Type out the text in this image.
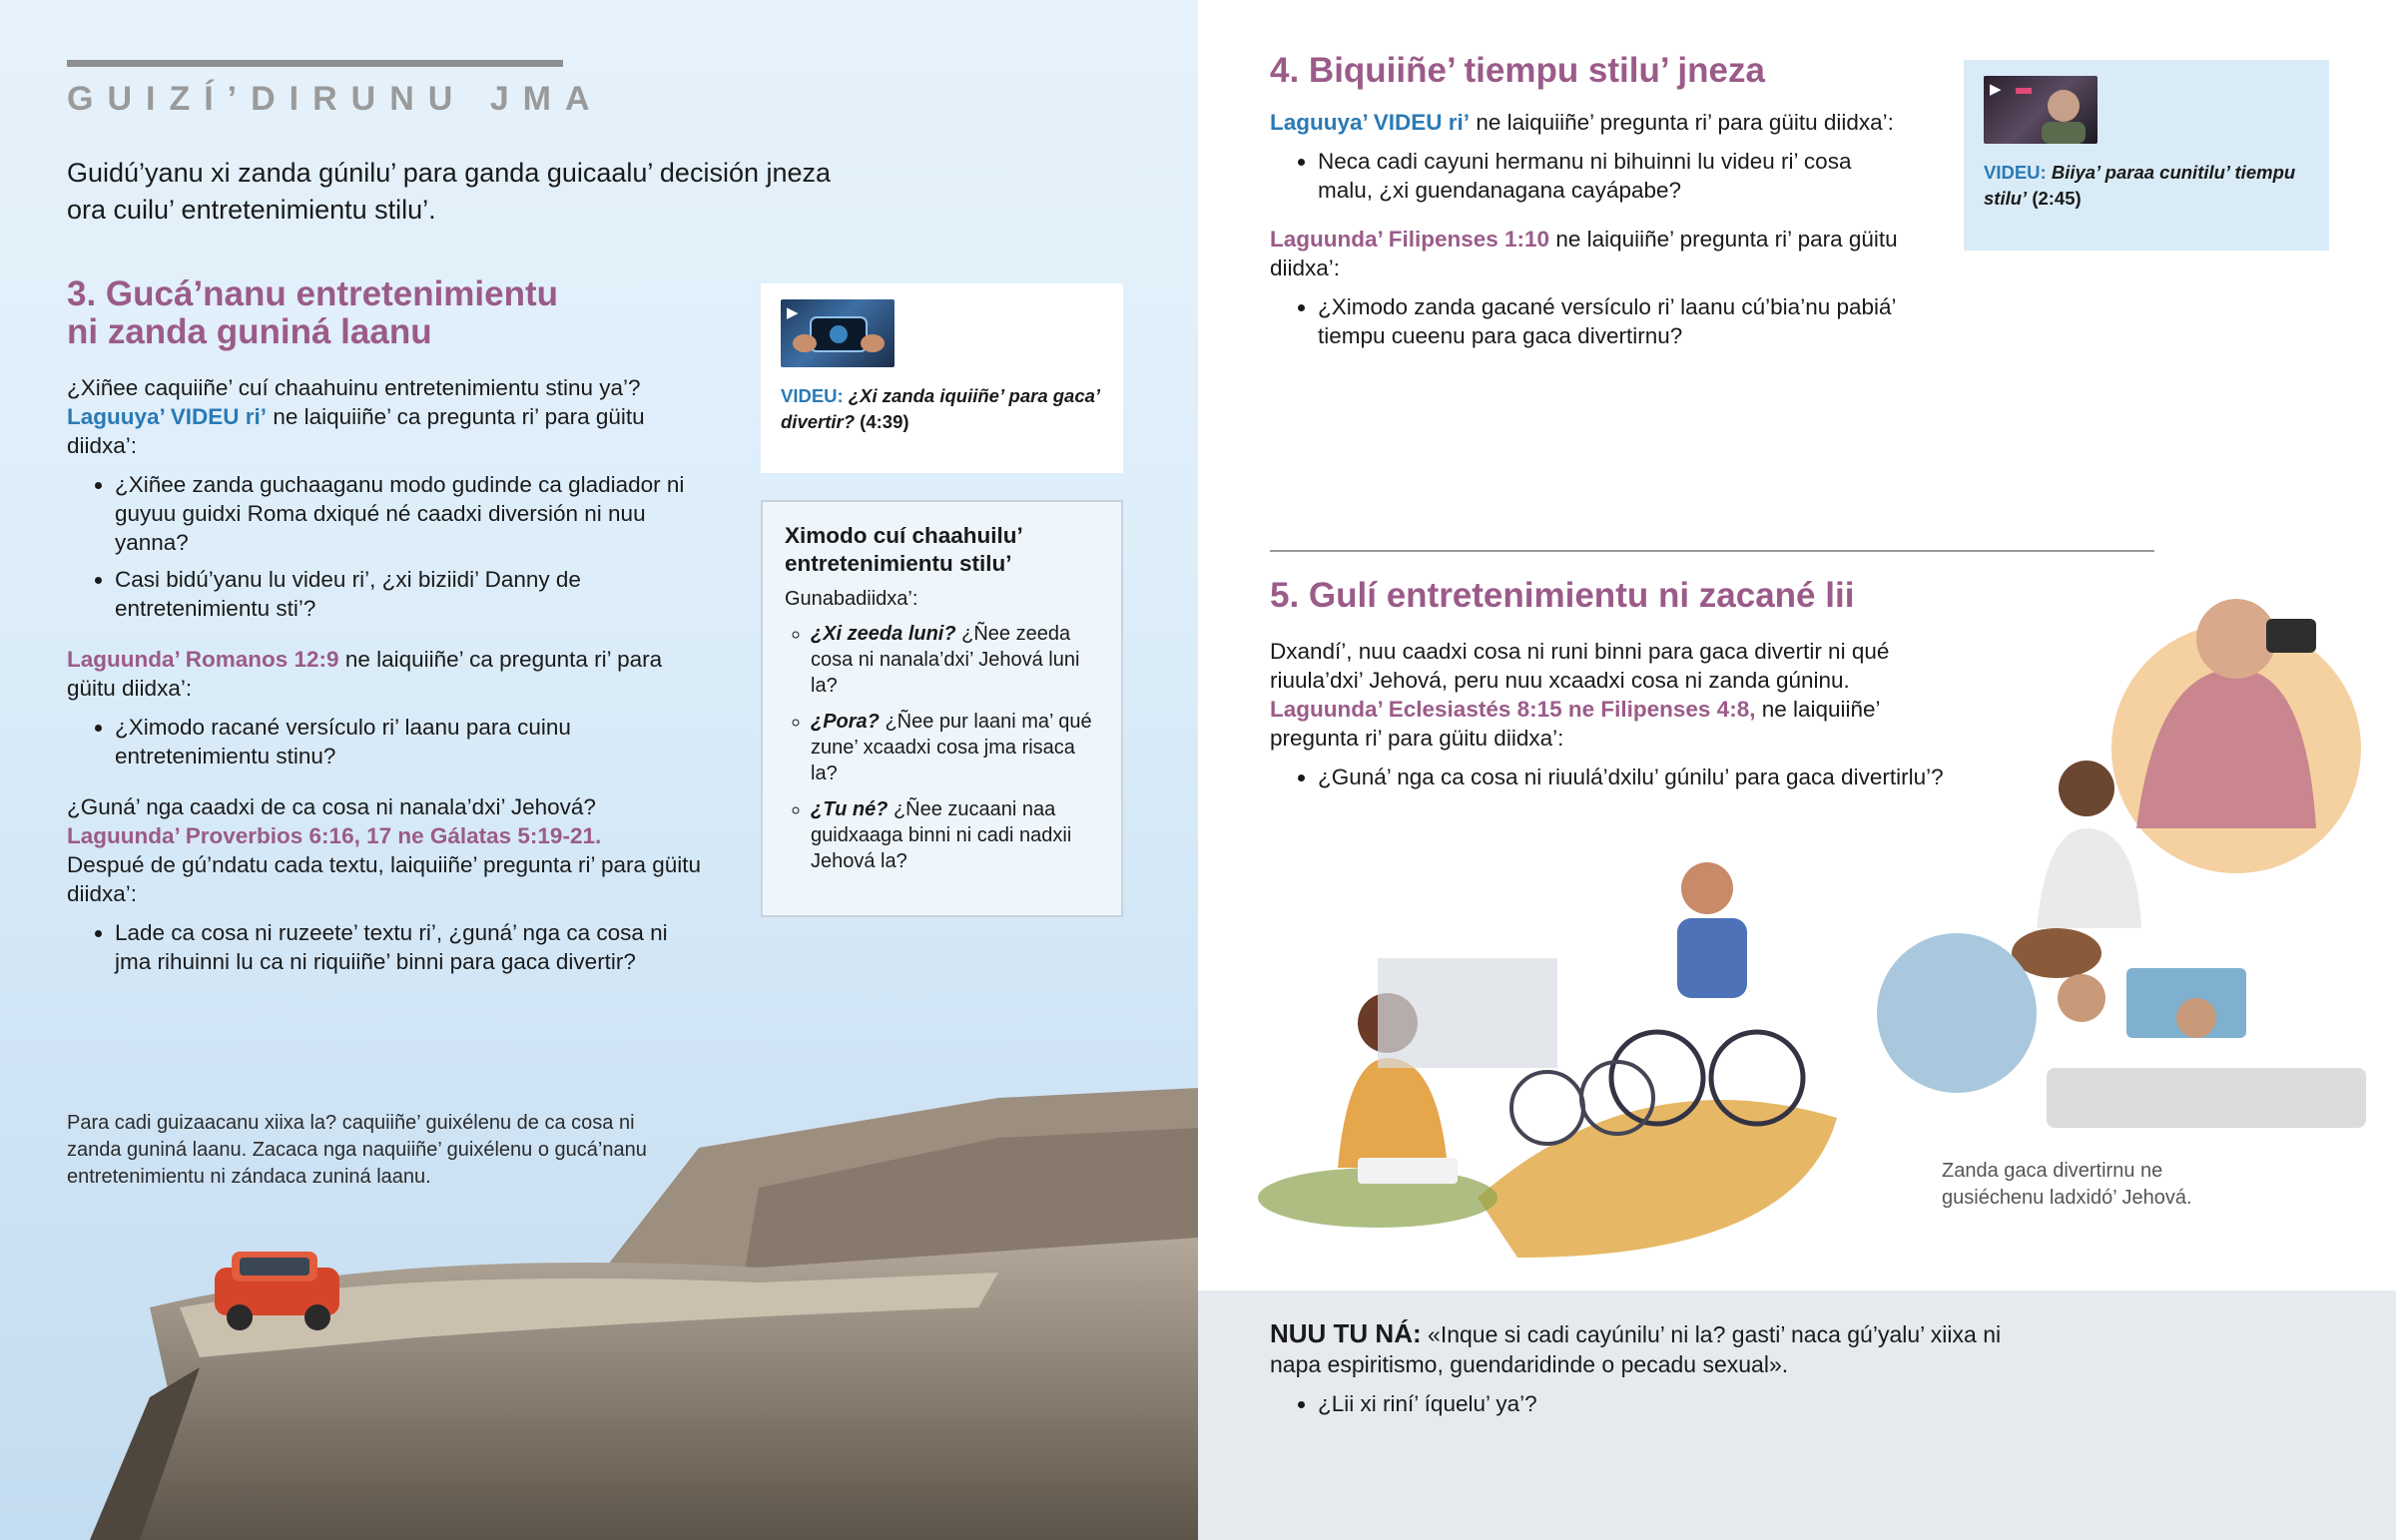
GUIZÍ’DIRUNU JMA
Guidú’yanu xi zanda gúnilu’ para ganda guicaalu’ decisión jneza ora cuilu’ entretenimientu stilu’.
3. Gucá’nanu entretenimientu
ni zanda guniná laanu
¿Xiñee caquiiñe’ cuí chaahuinu entretenimientu stinu ya’?
Laguuya’ VIDEU ri’ ne laiquiiñe’ ca pregunta ri’ para güitu diidxa’:
• ¿Xiñee zanda guchaaganu modo gudinde ca gladiador ni guyuu guidxi Roma dxiqué né caadxi diversión ni nuu yanna?
• Casi bidú’yanu lu videu ri’, ¿xi biziidi’ Danny de entretenimientu sti’?
Laguunda’ Romanos 12:9 ne laiquiiñe’ ca pregunta ri’ para güitu diidxa’:
• ¿Ximodo racané versículo ri’ laanu para cuinu entretenimientu stinu?
¿Guná’ nga caadxi de ca cosa ni nanala’dxi’ Jehová?
Laguunda’ Proverbios 6:16, 17 ne Gálatas 5:19-21.
Despué de gú’ndatu cada textu, laiquiiñe’ pregunta ri’ para güitu diidxa’:
• Lade ca cosa ni ruzeete’ textu ri’, ¿guná’ nga ca cosa ni jma rihuinni lu ca ni riquiiñe’ binni para gaca divertir?
▶
VIDEU: ¿Xi zanda iquiiñe’ para gaca’ divertir? (4:39)
Ximodo cuí chaahuilu’
entretenimientu stilu’
Gunabadiidxa’:
◦ ¿Xi zeeda luni? ¿Ñee zeeda cosa ni nanala’dxi’ Jehová luni la?
◦ ¿Pora? ¿Ñee pur laani ma’ qué zune’ xcaadxi cosa jma risaca la?
◦ ¿Tu né? ¿Ñee zucaani naa guidxaaga binni ni cadi nadxii Jehová la?
Para cadi guizaacanu xiixa la? caquiiñe’ guixélenu de ca cosa ni zanda guniná laanu. Zacaca nga naquiiñe’ guixélenu o gucá’nanu entretenimientu ni zándaca zuniná laanu.
4. Biquiiñe’ tiempu stilu’ jneza
Laguuya’ VIDEU ri’ ne laiquiiñe’ pregunta ri’ para güitu diidxa’:
• Neca cadi cayuni hermanu ni bihuinni lu videu ri’ cosa malu, ¿xi guendanagana cayápabe?
Laguunda’ Filipenses 1:10 ne laiquiiñe’ pregunta ri’ para güitu diidxa’:
• ¿Ximodo zanda gacané versículo ri’ laanu cú’bia’nu pabiá’ tiempu cueenu para gaca divertirnu?
▶
VIDEU: Biiya’ paraa cunitilu’ tiempu stilu’ (2:45)
5. Gulí entretenimientu ni zacané lii
Dxandí’, nuu caadxi cosa ni runi binni para gaca divertir ni qué riuula’dxi’ Jehová, peru nuu xcaadxi cosa ni zanda gúninu.
Laguunda’ Eclesiastés 8:15 ne Filipenses 4:8, ne laiquiiñe’ pregunta ri’ para güitu diidxa’:
• ¿Guná’ nga ca cosa ni riuulá’dxilu’ gúnilu’ para gaca divertirlu’?
Zanda gaca divertirnu ne gusiéchenu ladxidó’ Jehová.
NUU TU NÁ: «Inque si cadi cayúnilu’ ni la? gasti’ naca gú’yalu’ xiixa ni napa espiritismo, guendaridinde o pecadu sexual».
• ¿Lii xi riní’ íquelu’ ya’?
